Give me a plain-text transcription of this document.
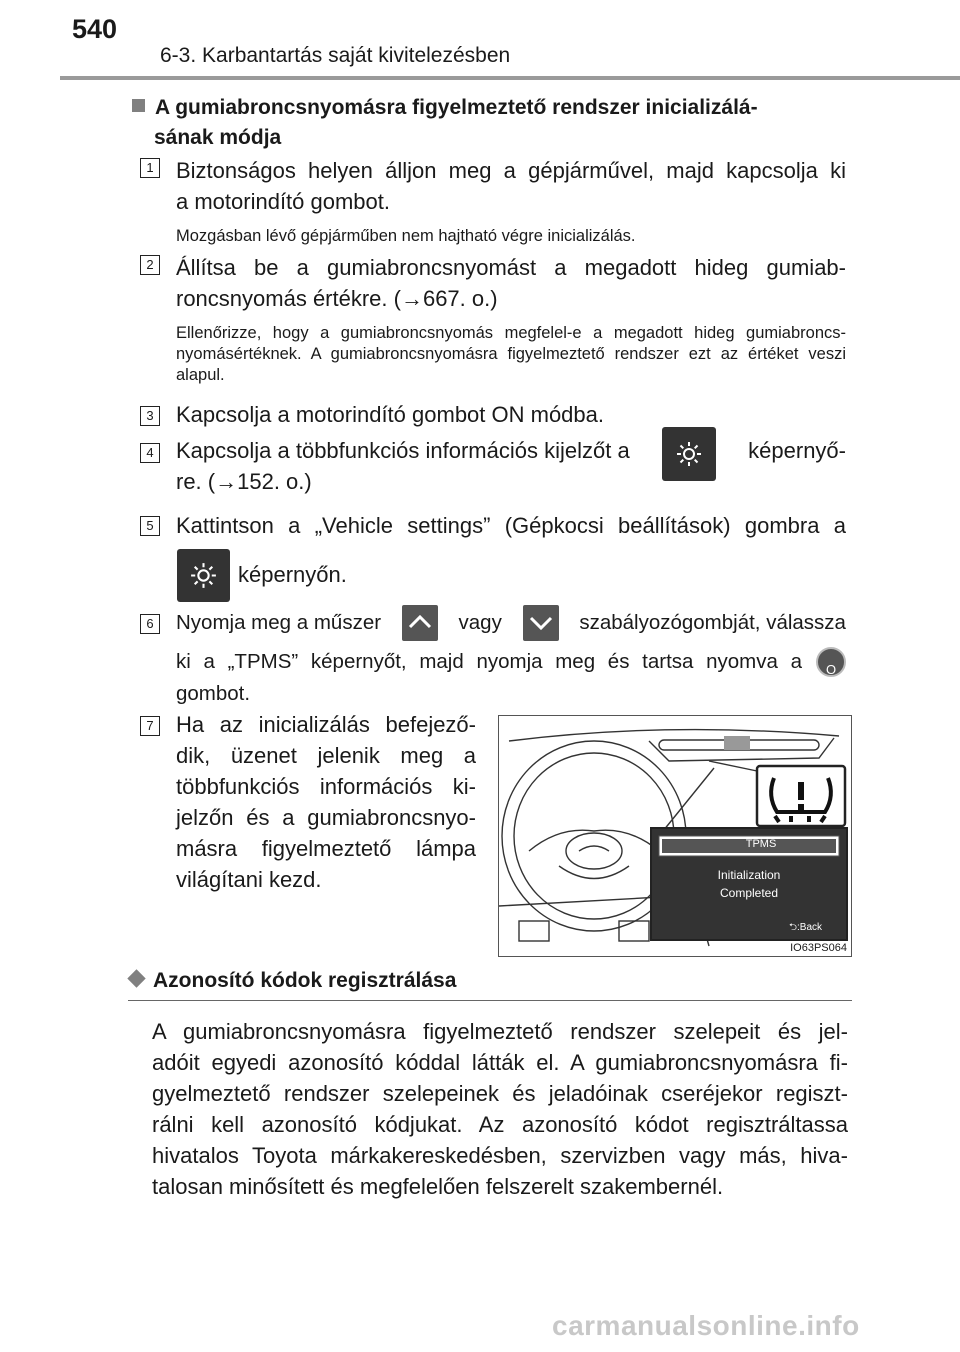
540
6-3. Karbantartás saját kivitelezésben
A gumiabroncsnyomásra figyelmeztető rendszer inicializálá-
sának módja
1 Biztonságos helyen álljon meg a gépjárművel, majd kapcsolja ki
a motorindító gombot.
Mozgásban lévő gépjárműben nem hajtható végre inicializálás.
2 Állítsa be a gumiabroncsnyomást a megadott hideg gumiab-
roncsnyomás értékre. (→667. o.)
Ellenőrizze, hogy a gumiabroncsnyomás megfelel-e a megadott hideg gumiabroncs-nyomásértéknek. A gumiabroncsnyomásra figyelmeztető rendszer ezt az értéket veszi alapul.
3 Kapcsolja a motorindító gombot ON módba.
4 Kapcsolja a többfunkciós információs kijelzőt a	képernyő-
re. (→152. o.)
5 Kattintson a „Vehicle settings” (Gépkocsi beállítások) gombra a
képernyőn.
6	Nyomja meg a műszer	vagy	szabályozógombját, válassza
ki a „TPMS” képernyőt, majd nyomja meg és tartsa nyomva a	O
gombot.
7 Ha az inicializálás befejező-
dik, üzenet jelenik meg a
többfunkciós információs ki-
jelzőn és a gumiabroncsnyo-
másra figyelmeztető lámpa
világítani kezd.
TPMS
Initialization
Completed
⮌:Back
IO63PS064
Azonosító kódok regisztrálása
A gumiabroncsnyomásra figyelmeztető rendszer szelepeit és jel-
adóit egyedi azonosító kóddal látták el. A gumiabroncsnyomásra fi-
gyelmeztető rendszer szelepeinek és jeladóinak cseréjekor regiszt-
rálni kell azonosító kódjukat. Az azonosító kódot regisztráltassa
hivatalos Toyota márkakereskedésben, szervizben vagy más, hiva-
talosan minősített és megfelelően felszerelt szakembernél.
carmanualsonline.info
